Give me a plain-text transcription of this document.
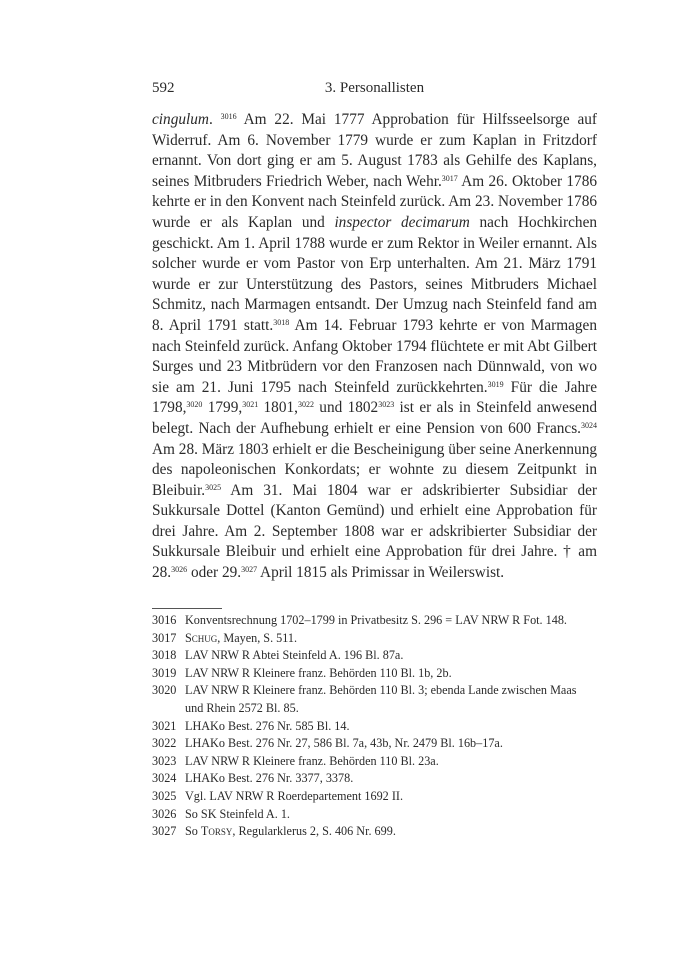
592	3. Personallisten
cingulum. $^{3016}$ Am 22. Mai 1777 Approbation für Hilfsseelsorge auf Widerruf. Am 6. November 1779 wurde er zum Kaplan in Fritzdorf ernannt. Von dort ging er am 5. August 1783 als Gehilfe des Kaplans, seines Mitbruders Friedrich Weber, nach Wehr.$^{3017}$ Am 26. Oktober 1786 kehrte er in den Konvent nach Steinfeld zurück. Am 23. November 1786 wurde er als Kaplan und inspector decimarum nach Hochkirchen geschickt. Am 1. April 1788 wurde er zum Rektor in Weiler ernannt. Als solcher wurde er vom Pastor von Erp unterhalten. Am 21. März 1791 wurde er zur Unterstützung des Pastors, seines Mitbruders Michael Schmitz, nach Marmagen entsandt. Der Umzug nach Steinfeld fand am 8. April 1791 statt.$^{3018}$ Am 14. Februar 1793 kehrte er von Marmagen nach Steinfeld zurück. Anfang Oktober 1794 flüchtete er mit Abt Gilbert Surges und 23 Mitbrüdern vor den Franzosen nach Dünnwald, von wo sie am 21. Juni 1795 nach Steinfeld zurückkehrten.$^{3019}$ Für die Jahre 1798,$^{3020}$ 1799,$^{3021}$ 1801,$^{3022}$ und $1802^{3023}$ ist er als in Steinfeld anwesend belegt. Nach der Aufhebung erhielt er eine Pension von 600 Francs.$^{3024}$ Am 28. März 1803 erhielt er die Bescheinigung über seine Anerkennung des napoleonischen Konkordats; er wohnte zu diesem Zeitpunkt in Bleibuir.$^{3025}$ Am 31. Mai 1804 war er adskribierter Subsidiar der Sukkursale Dottel (Kanton Gemünd) und erhielt eine Approbation für drei Jahre. Am 2. September 1808 war er adskribierter Subsidiar der Sukkursale Bleibuir und erhielt eine Approbation für drei Jahre. † am 28.$^{3026}$ oder 29.$^{3027}$ April 1815 als Primissar in Weilerswist.
3016 Konventsrechnung 1702–1799 in Privatbesitz S. 296 = LAV NRW R Fot. 148.
3017 Schug, Mayen, S. 511.
3018 LAV NRW R Abtei Steinfeld A. 196 Bl. 87a.
3019 LAV NRW R Kleinere franz. Behörden 110 Bl. 1b, 2b.
3020 LAV NRW R Kleinere franz. Behörden 110 Bl. 3; ebenda Lande zwischen Maas und Rhein 2572 Bl. 85.
3021 LHAKo Best. 276 Nr. 585 Bl. 14.
3022 LHAKo Best. 276 Nr. 27, 586 Bl. 7a, 43b, Nr. 2479 Bl. 16b–17a.
3023 LAV NRW R Kleinere franz. Behörden 110 Bl. 23a.
3024 LHAKo Best. 276 Nr. 3377, 3378.
3025 Vgl. LAV NRW R Roerdepartement 1692 II.
3026 So SK Steinfeld A. 1.
3027 So Torsy, Regularklerus 2, S. 406 Nr. 699.
